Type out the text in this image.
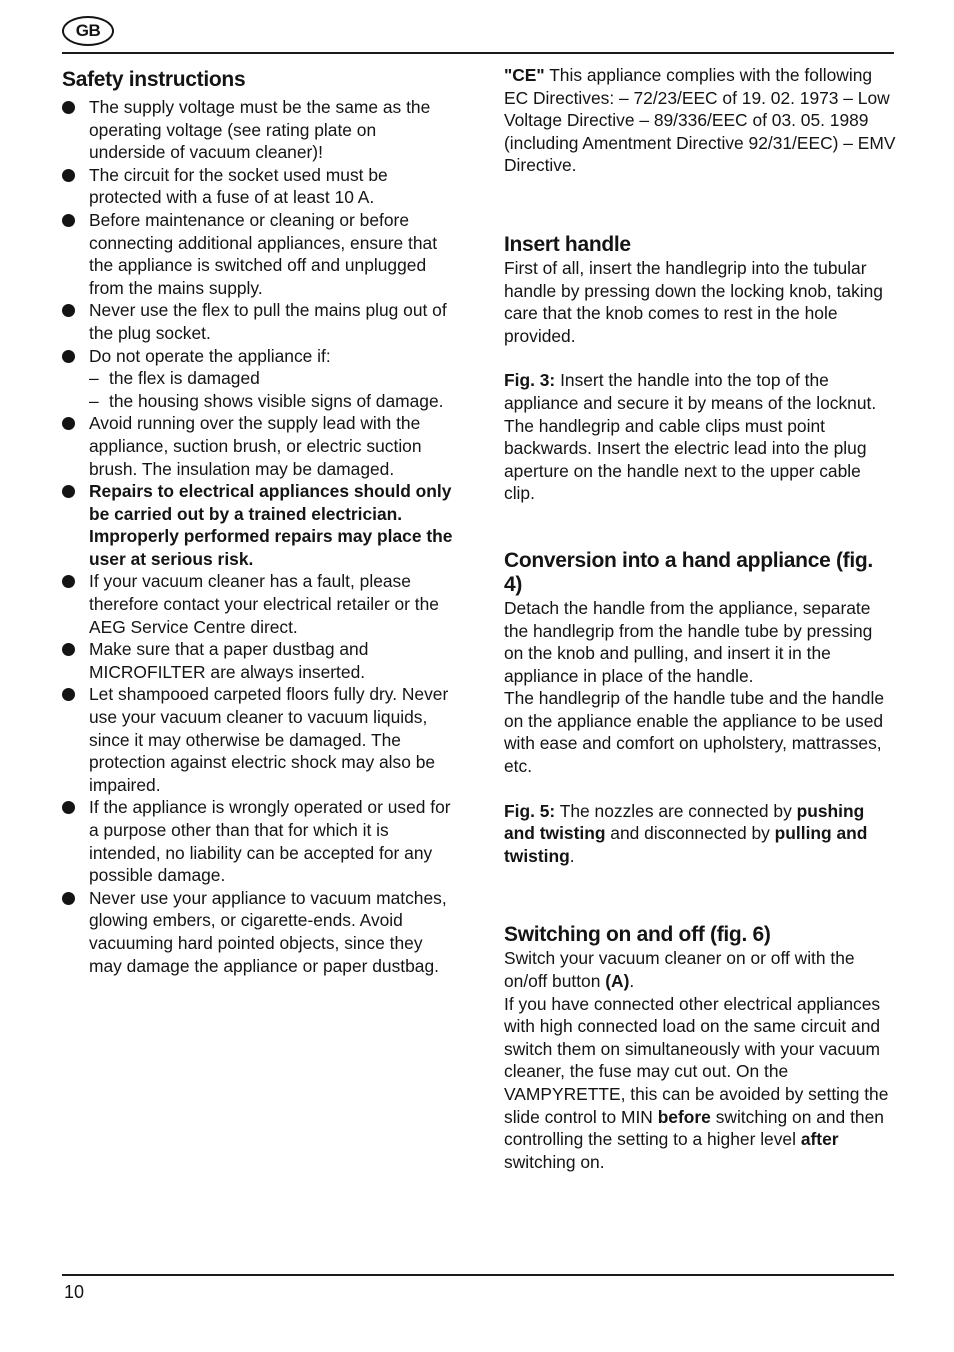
GB
Safety instructions
The supply voltage must be the same as the operating voltage (see rating plate on underside of vacuum cleaner)!
The circuit for the socket used must be protected with a fuse of at least 10 A.
Before maintenance or cleaning or before connecting additional appliances, ensure that the appliance is switched off and unplugged from the mains supply.
Never use the flex to pull the mains plug out of the plug socket.
Do not operate the appliance if:
– the flex is damaged
– the housing shows visible signs of damage.
Avoid running over the supply lead with the appliance, suction brush, or electric suction brush. The insulation may be damaged.
Repairs to electrical appliances should only be carried out by a trained electrician. Improperly performed repairs may place the user at serious risk.
If your vacuum cleaner has a fault, please therefore contact your electrical retailer or the AEG Service Centre direct.
Make sure that a paper dustbag and MICROFILTER are always inserted.
Let shampooed carpeted floors fully dry. Never use your vacuum cleaner to vacuum liquids, since it may otherwise be damaged. The protection against electric shock may also be impaired.
If the appliance is wrongly operated or used for a purpose other than that for which it is intended, no liability can be accepted for any possible damage.
Never use your appliance to vacuum matches, glowing embers, or cigarette-ends. Avoid vacuuming hard pointed objects, since they may damage the appliance or paper dustbag.

"CE" This appliance complies with the following EC Directives: – 72/23/EEC of 19. 02. 1973 – Low Voltage Directive – 89/336/EEC of 03. 05. 1989 (including Amentment Directive 92/31/EEC) – EMV Directive.

Insert handle

First of all, insert the handlegrip into the tubular handle by pressing down the locking knob, taking care that the knob comes to rest in the hole provided.

Fig. 3: Insert the handle into the top of the appliance and secure it by means of the locknut. The handlegrip and cable clips must point backwards. Insert the electric lead into the plug aperture on the handle next to the upper cable clip.

Conversion into a hand appliance (fig. 4)

Detach the handle from the appliance, separate the handlegrip from the handle tube by pressing on the knob and pulling, and insert it in the appliance in place of the handle.

The handlegrip of the handle tube and the handle on the appliance enable the appliance to be used with ease and comfort on upholstery, mattrasses, etc.

Fig. 5: The nozzles are connected by pushing and twisting and disconnected by pulling and twisting.

Switching on and off (fig. 6)

Switch your vacuum cleaner on or off with the on/off button (A).

If you have connected other electrical appliances with high connected load on the same circuit and switch them on simultaneously with your vacuum cleaner, the fuse may cut out. On the VAMPYRETTE, this can be avoided by setting the slide control to MIN before switching on and then controlling the setting to a higher level after switching on.

10
